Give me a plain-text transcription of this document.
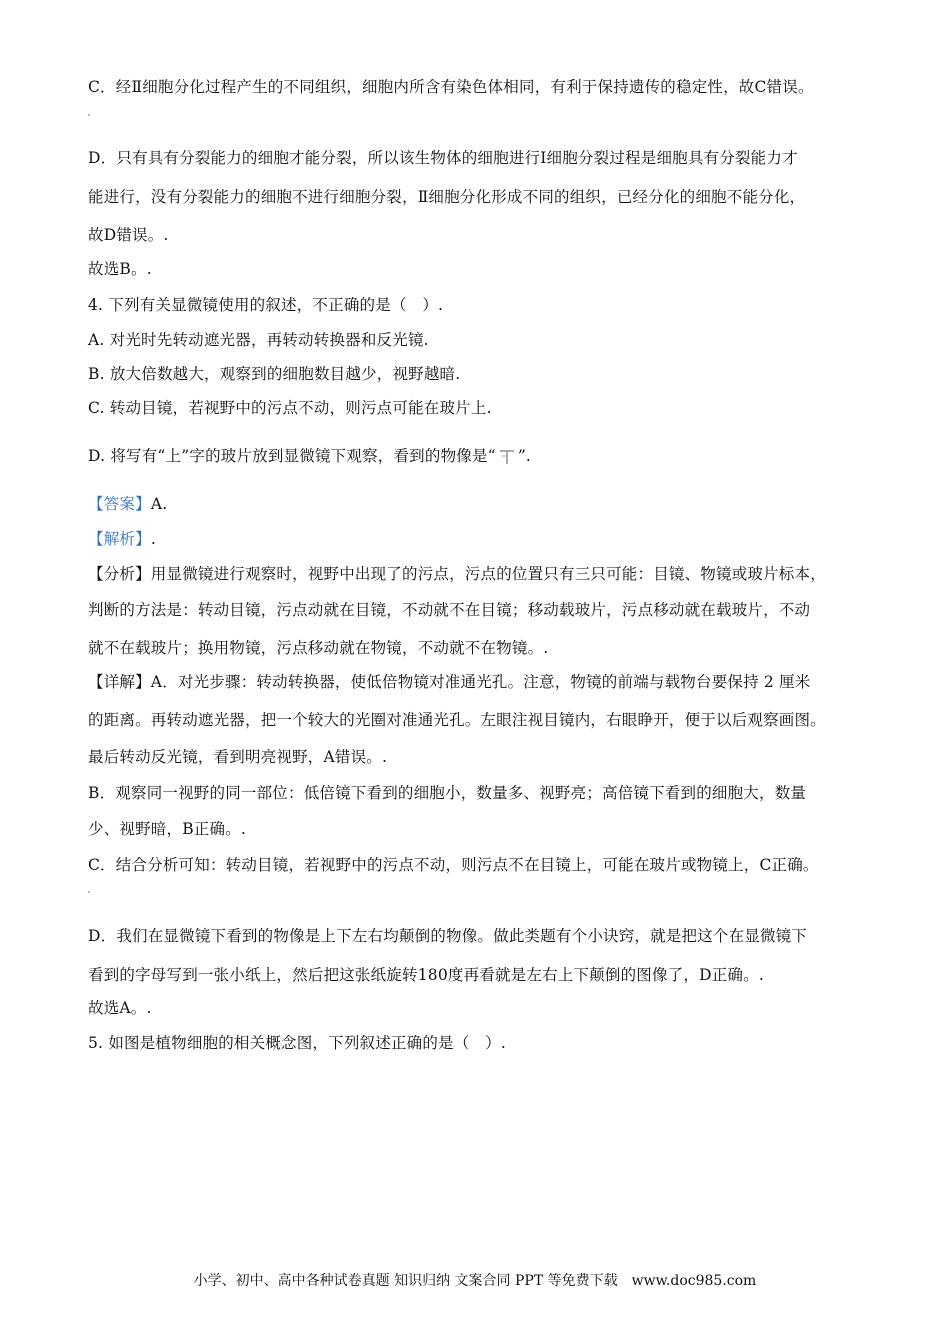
C．经Ⅱ细胞分化过程产生的不同组织，细胞内所含有染色体相同，有利于保持遗传的稳定性，故C错误。
D．只有具有分裂能力的细胞才能分裂，所以该生物体的细胞进行Ⅰ细胞分裂过程是细胞具有分裂能力才
能进行，没有分裂能力的细胞不进行细胞分裂，Ⅱ细胞分化形成不同的组织，已经分化的细胞不能分化，
故D错误。.
故选B。.
4. 下列有关显微镜使用的叙述，不正确的是（　）.
A. 对光时先转动遮光器，再转动转换器和反光镜.
B. 放大倍数越大，观察到的细胞数目越少，视野越暗.
C. 转动目镜，若视野中的污点不动，则污点可能在玻片上.
D. 将写有“上”字的玻片放到显微镜下观察，看到的物像是“ ”.
【答案】A.
【解析】.
【分析】用显微镜进行观察时，视野中出现了的污点，污点的位置只有三只可能：目镜、物镜或玻片标本，
判断的方法是：转动目镜，污点动就在目镜，不动就不在目镜；移动载玻片，污点移动就在载玻片，不动
就不在载玻片；换用物镜，污点移动就在物镜，不动就不在物镜。.
【详解】A．对光步骤：转动转换器，使低倍物镜对准通光孔。注意，物镜的前端与载物台要保持 2 厘米
的距离。再转动遮光器，把一个较大的光圈对准通光孔。左眼注视目镜内，右眼睁开，便于以后观察画图。
最后转动反光镜，看到明亮视野，A错误。.
B．观察同一视野的同一部位：低倍镜下看到的细胞小，数量多、视野亮；高倍镜下看到的细胞大，数量
少、视野暗，B正确。.
C．结合分析可知：转动目镜，若视野中的污点不动，则污点不在目镜上，可能在玻片或物镜上，C正确。
D．我们在显微镜下看到的物像是上下左右均颠倒的物像。做此类题有个小诀窍，就是把这个在显微镜下
看到的字母写到一张小纸上，然后把这张纸旋转180度再看就是左右上下颠倒的图像了，D正确。.
故选A。.
5. 如图是植物细胞的相关概念图，下列叙述正确的是（　）.
小学、初中、高中各种试卷真题 知识归纳 文案合同 PPT 等免费下载　www.doc985.com
